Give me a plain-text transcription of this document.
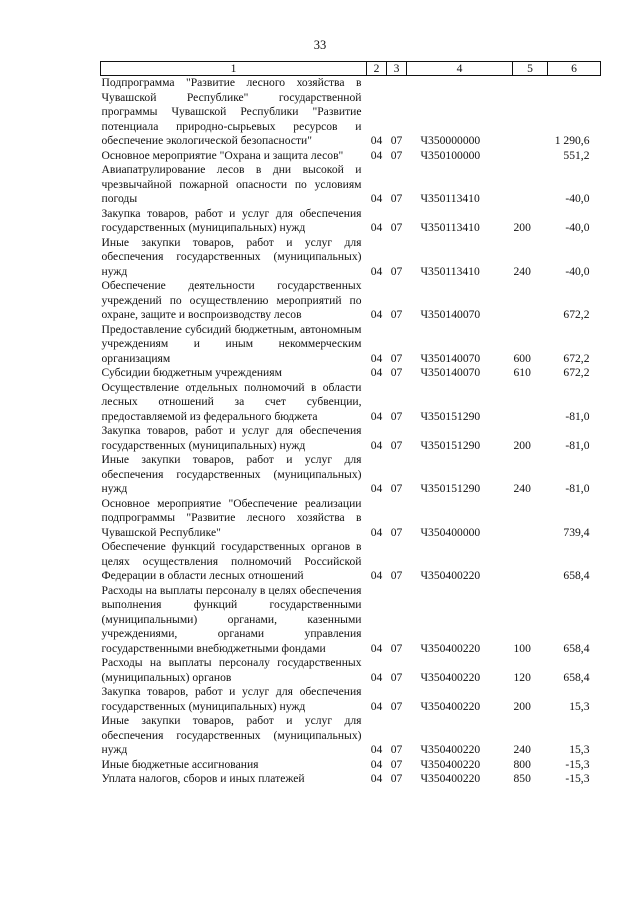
33
1	2	3	4	5	6
Подпрограмма "Развитие лесного хозяйства в Чувашской Республике" государственной программы Чувашской Республики "Развитие потенциала природно-сырьевых ресурсов и обеспечение экологической безопасности"	04	07	Ч350000000		1 290,6
Основное мероприятие "Охрана и защита лесов"	04	07	Ч350100000		551,2
Авиапатрулирование лесов в дни высокой и чрезвычайной пожарной опасности по условиям погоды	04	07	Ч350113410		-40,0
Закупка товаров, работ и услуг для обеспечения государственных (муниципальных) нужд	04	07	Ч350113410	200	-40,0
Иные закупки товаров, работ и услуг для обеспечения государственных (муниципальных) нужд	04	07	Ч350113410	240	-40,0
Обеспечение деятельности государственных учреждений по осуществлению мероприятий по охране, защите и воспроизводству лесов	04	07	Ч350140070		672,2
Предоставление субсидий бюджетным, автономным учреждениям и иным некоммерческим организациям	04	07	Ч350140070	600	672,2
Субсидии бюджетным учреждениям	04	07	Ч350140070	610	672,2
Осуществление отдельных полномочий в области лесных отношений за счет субвенции, предоставляемой из федерального бюджета	04	07	Ч350151290		-81,0
Закупка товаров, работ и услуг для обеспечения государственных (муниципальных) нужд	04	07	Ч350151290	200	-81,0
Иные закупки товаров, работ и услуг для обеспечения государственных (муниципальных) нужд	04	07	Ч350151290	240	-81,0
Основное мероприятие "Обеспечение реализации подпрограммы "Развитие лесного хозяйства в Чувашской Республике"	04	07	Ч350400000		739,4
Обеспечение функций государственных органов в целях осуществления полномочий Российской Федерации в области лесных отношений	04	07	Ч350400220		658,4
Расходы на выплаты персоналу в целях обеспечения выполнения функций государственными (муниципальными) органами, казенными учреждениями, органами управления государственными внебюджетными фондами	04	07	Ч350400220	100	658,4
Расходы на выплаты персоналу государственных (муниципальных) органов	04	07	Ч350400220	120	658,4
Закупка товаров, работ и услуг для обеспечения государственных (муниципальных) нужд	04	07	Ч350400220	200	15,3
Иные закупки товаров, работ и услуг для обеспечения государственных (муниципальных) нужд	04	07	Ч350400220	240	15,3
Иные бюджетные ассигнования	04	07	Ч350400220	800	-15,3
Уплата налогов, сборов и иных платежей	04	07	Ч350400220	850	-15,3
